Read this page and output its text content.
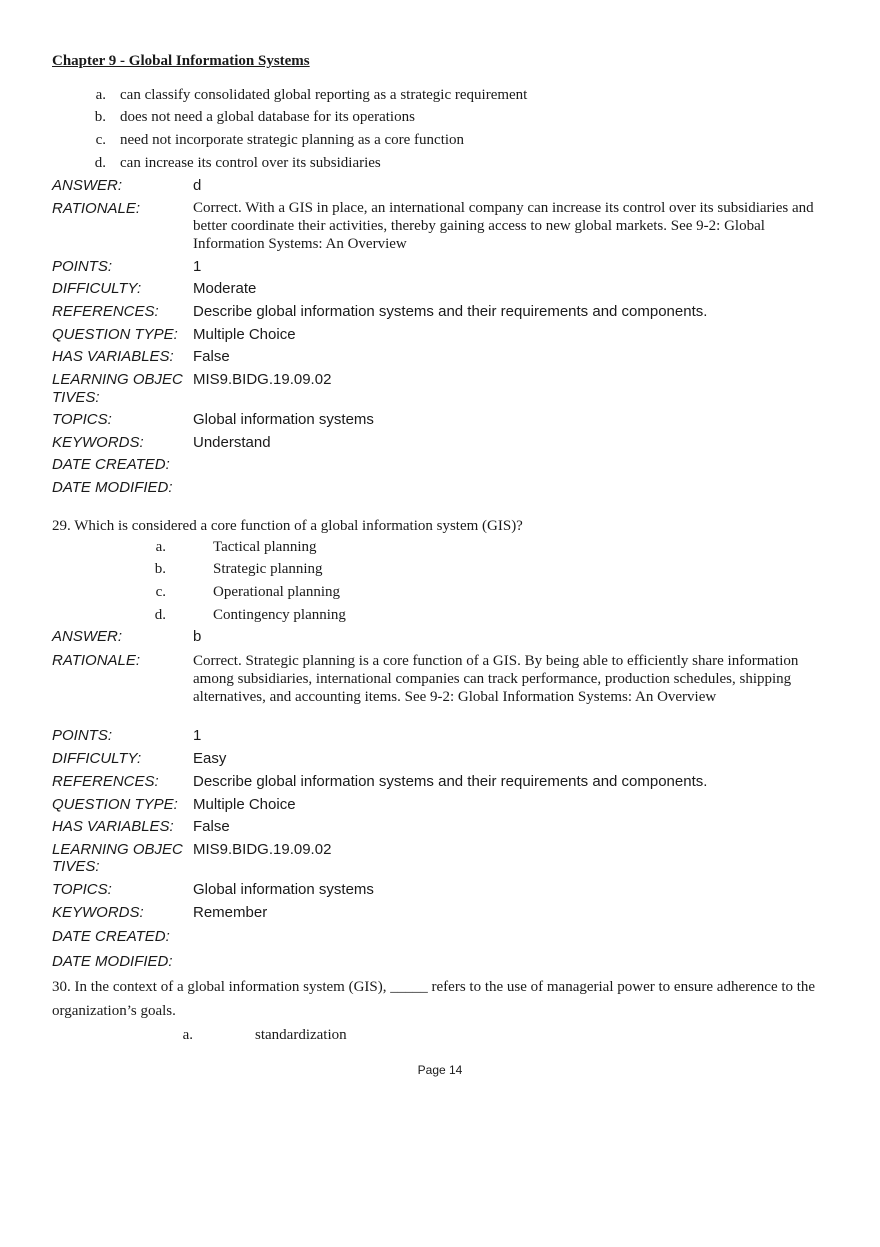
Chapter 9 - Global Information Systems
a. can classify consolidated global reporting as a strategic requirement
b. does not need a global database for its operations
c. need not incorporate strategic planning as a core function
d. can increase its control over its subsidiaries
ANSWER:	d
RATIONALE:	Correct. With a GIS in place, an international company can increase its control over its subsidiaries and better coordinate their activities, thereby gaining access to new global markets. See 9-2: Global Information Systems: An Overview
POINTS:	1
DIFFICULTY:	Moderate
REFERENCES: Describe global information systems and their requirements and components.
QUESTION TYPE: Multiple Choice
HAS VARIABLES: False
LEARNING OBJEC
TIVES:
MIS9.BIDG.19.09.02
TOPICS:	Global information systems
KEYWORDS:	Understand
DATE CREATED:
DATE MODIFIED:
29. Which is considered a core function of a global information system (GIS)?
a.	Tactical planning
b.	Strategic planning
c.	Operational planning
d.	Contingency planning
ANSWER:	b
RATIONALE:	Correct. Strategic planning is a core function of a GIS. By being able to efficiently share information among subsidiaries, international companies can track performance, production schedules, shipping alternatives, and accounting items. See 9-2: Global Information Systems: An Overview
POINTS:	1
DIFFICULTY:	Easy
REFERENCES: Describe global information systems and their requirements and components.
QUESTION TYPE: Multiple Choice
HAS VARIABLES: False
LEARNING OBJEC
TIVES:
MIS9.BIDG.19.09.02
TOPICS:	Global information systems
KEYWORDS:	Remember
DATE CREATED:
DATE MODIFIED:
30. In the context of a global information system (GIS), _____ refers to the use of managerial power to ensure adherence to the organization’s goals.
a.	standardization
Page 14
